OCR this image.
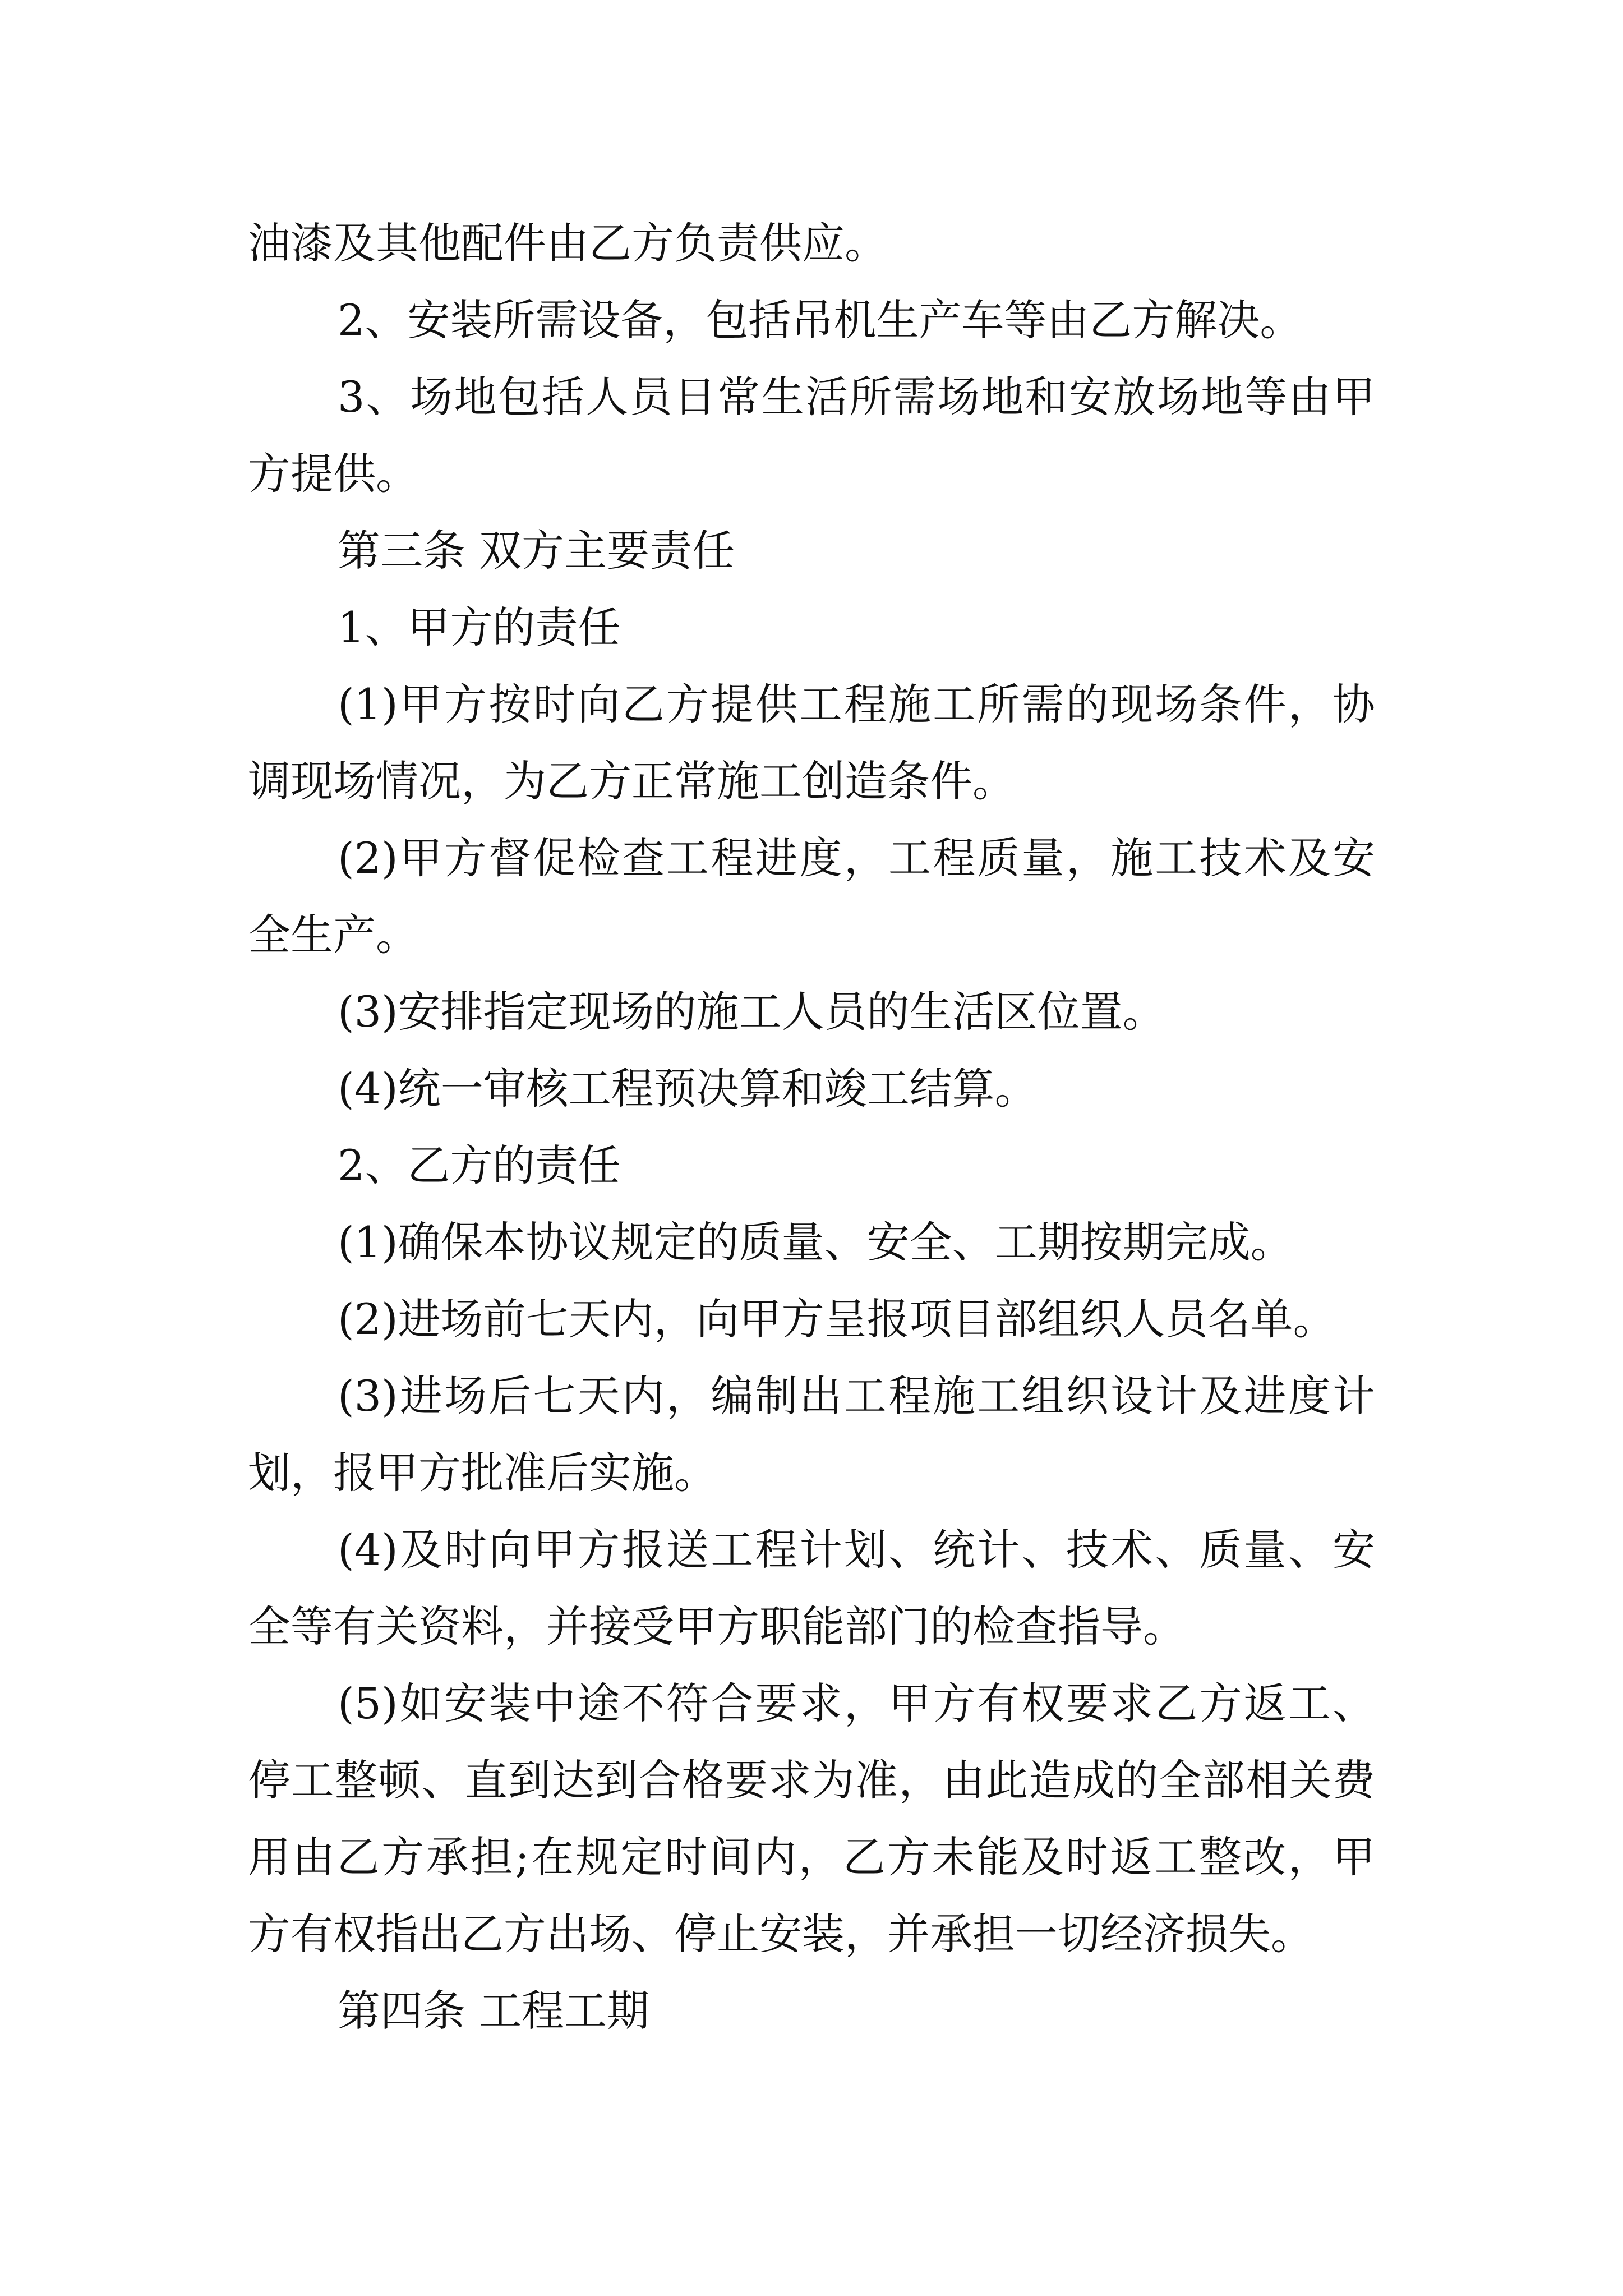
油漆及其他配件由乙方负责供应。
2、安装所需设备，包括吊机生产车等由乙方解决。
3、场地包括人员日常生活所需场地和安放场地等由甲
方提供。
第三条 双方主要责任
1、甲方的责任
(1)甲方按时向乙方提供工程施工所需的现场条件，协
调现场情况，为乙方正常施工创造条件。
(2)甲方督促检查工程进度，工程质量，施工技术及安
全生产。
(3)安排指定现场的施工人员的生活区位置。
(4)统一审核工程预决算和竣工结算。
2、乙方的责任
(1)确保本协议规定的质量、安全、工期按期完成。
(2)进场前七天内，向甲方呈报项目部组织人员名单。
(3)进场后七天内，编制出工程施工组织设计及进度计
划，报甲方批准后实施。
(4)及时向甲方报送工程计划、统计、技术、质量、安
全等有关资料，并接受甲方职能部门的检查指导。
(5)如安装中途不符合要求，甲方有权要求乙方返工、
停工整顿、直到达到合格要求为准，由此造成的全部相关费
用由乙方承担;在规定时间内，乙方未能及时返工整改，甲
方有权指出乙方出场、停止安装，并承担一切经济损失。
第四条 工程工期
